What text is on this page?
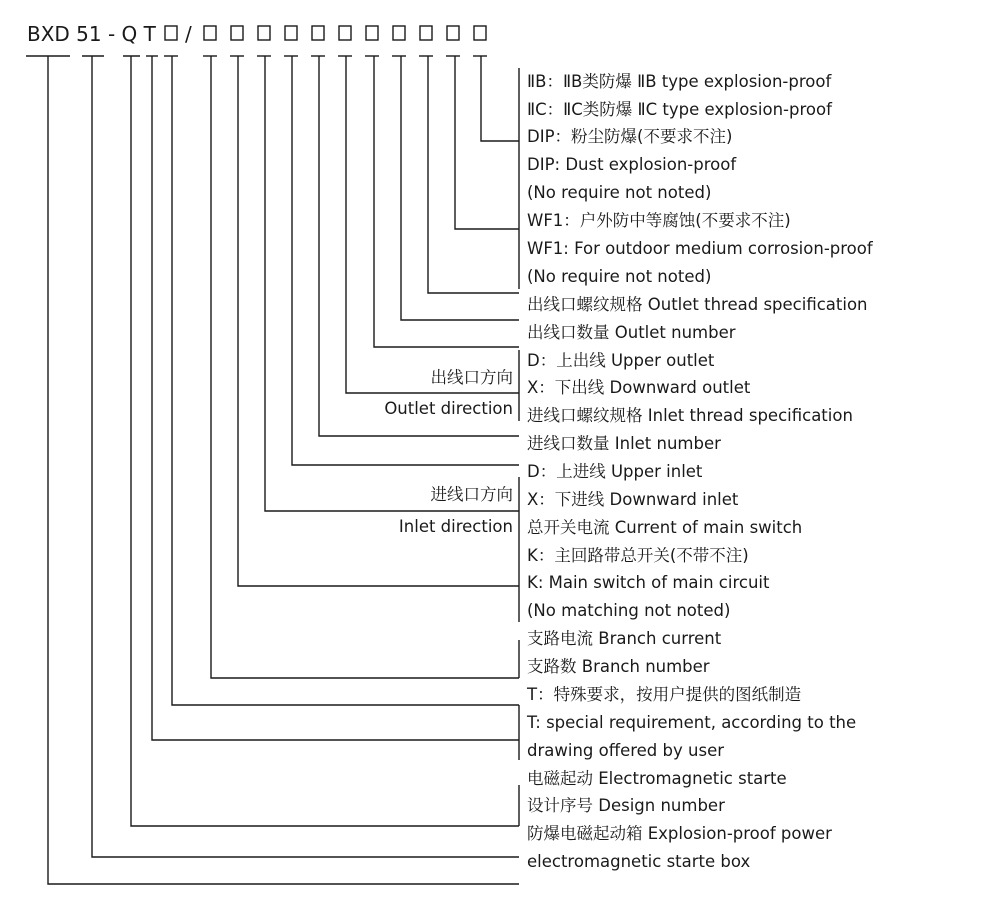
BXD 51 - Q T /
出线口方向
Outlet direction
进线口方向
Inlet direction
ⅡB：ⅡB类防爆 ⅡB type explosion-proof
ⅡC：ⅡC类防爆 ⅡC type explosion-proof
DIP：粉尘防爆(不要求不注)
DIP: Dust explosion-proof
(No require not noted)
WF1：户外防中等腐蚀(不要求不注)
WF1: For outdoor medium corrosion-proof
(No require not noted)
出线口螺纹规格 Outlet thread specification
出线口数量 Outlet number
D：上出线 Upper outlet
X：下出线 Downward outlet
进线口螺纹规格 Inlet thread specification
进线口数量 Inlet number
D：上进线 Upper inlet
X：下进线 Downward inlet
总开关电流 Current of main switch
K：主回路带总开关(不带不注)
K: Main switch of main circuit
(No matching not noted)
支路电流 Branch current
支路数 Branch number
T：特殊要求，按用户提供的图纸制造
T: special requirement, according to the
drawing offered by user
电磁起动 Electromagnetic starte
设计序号 Design number
防爆电磁起动箱 Explosion-proof power
electromagnetic starte box
